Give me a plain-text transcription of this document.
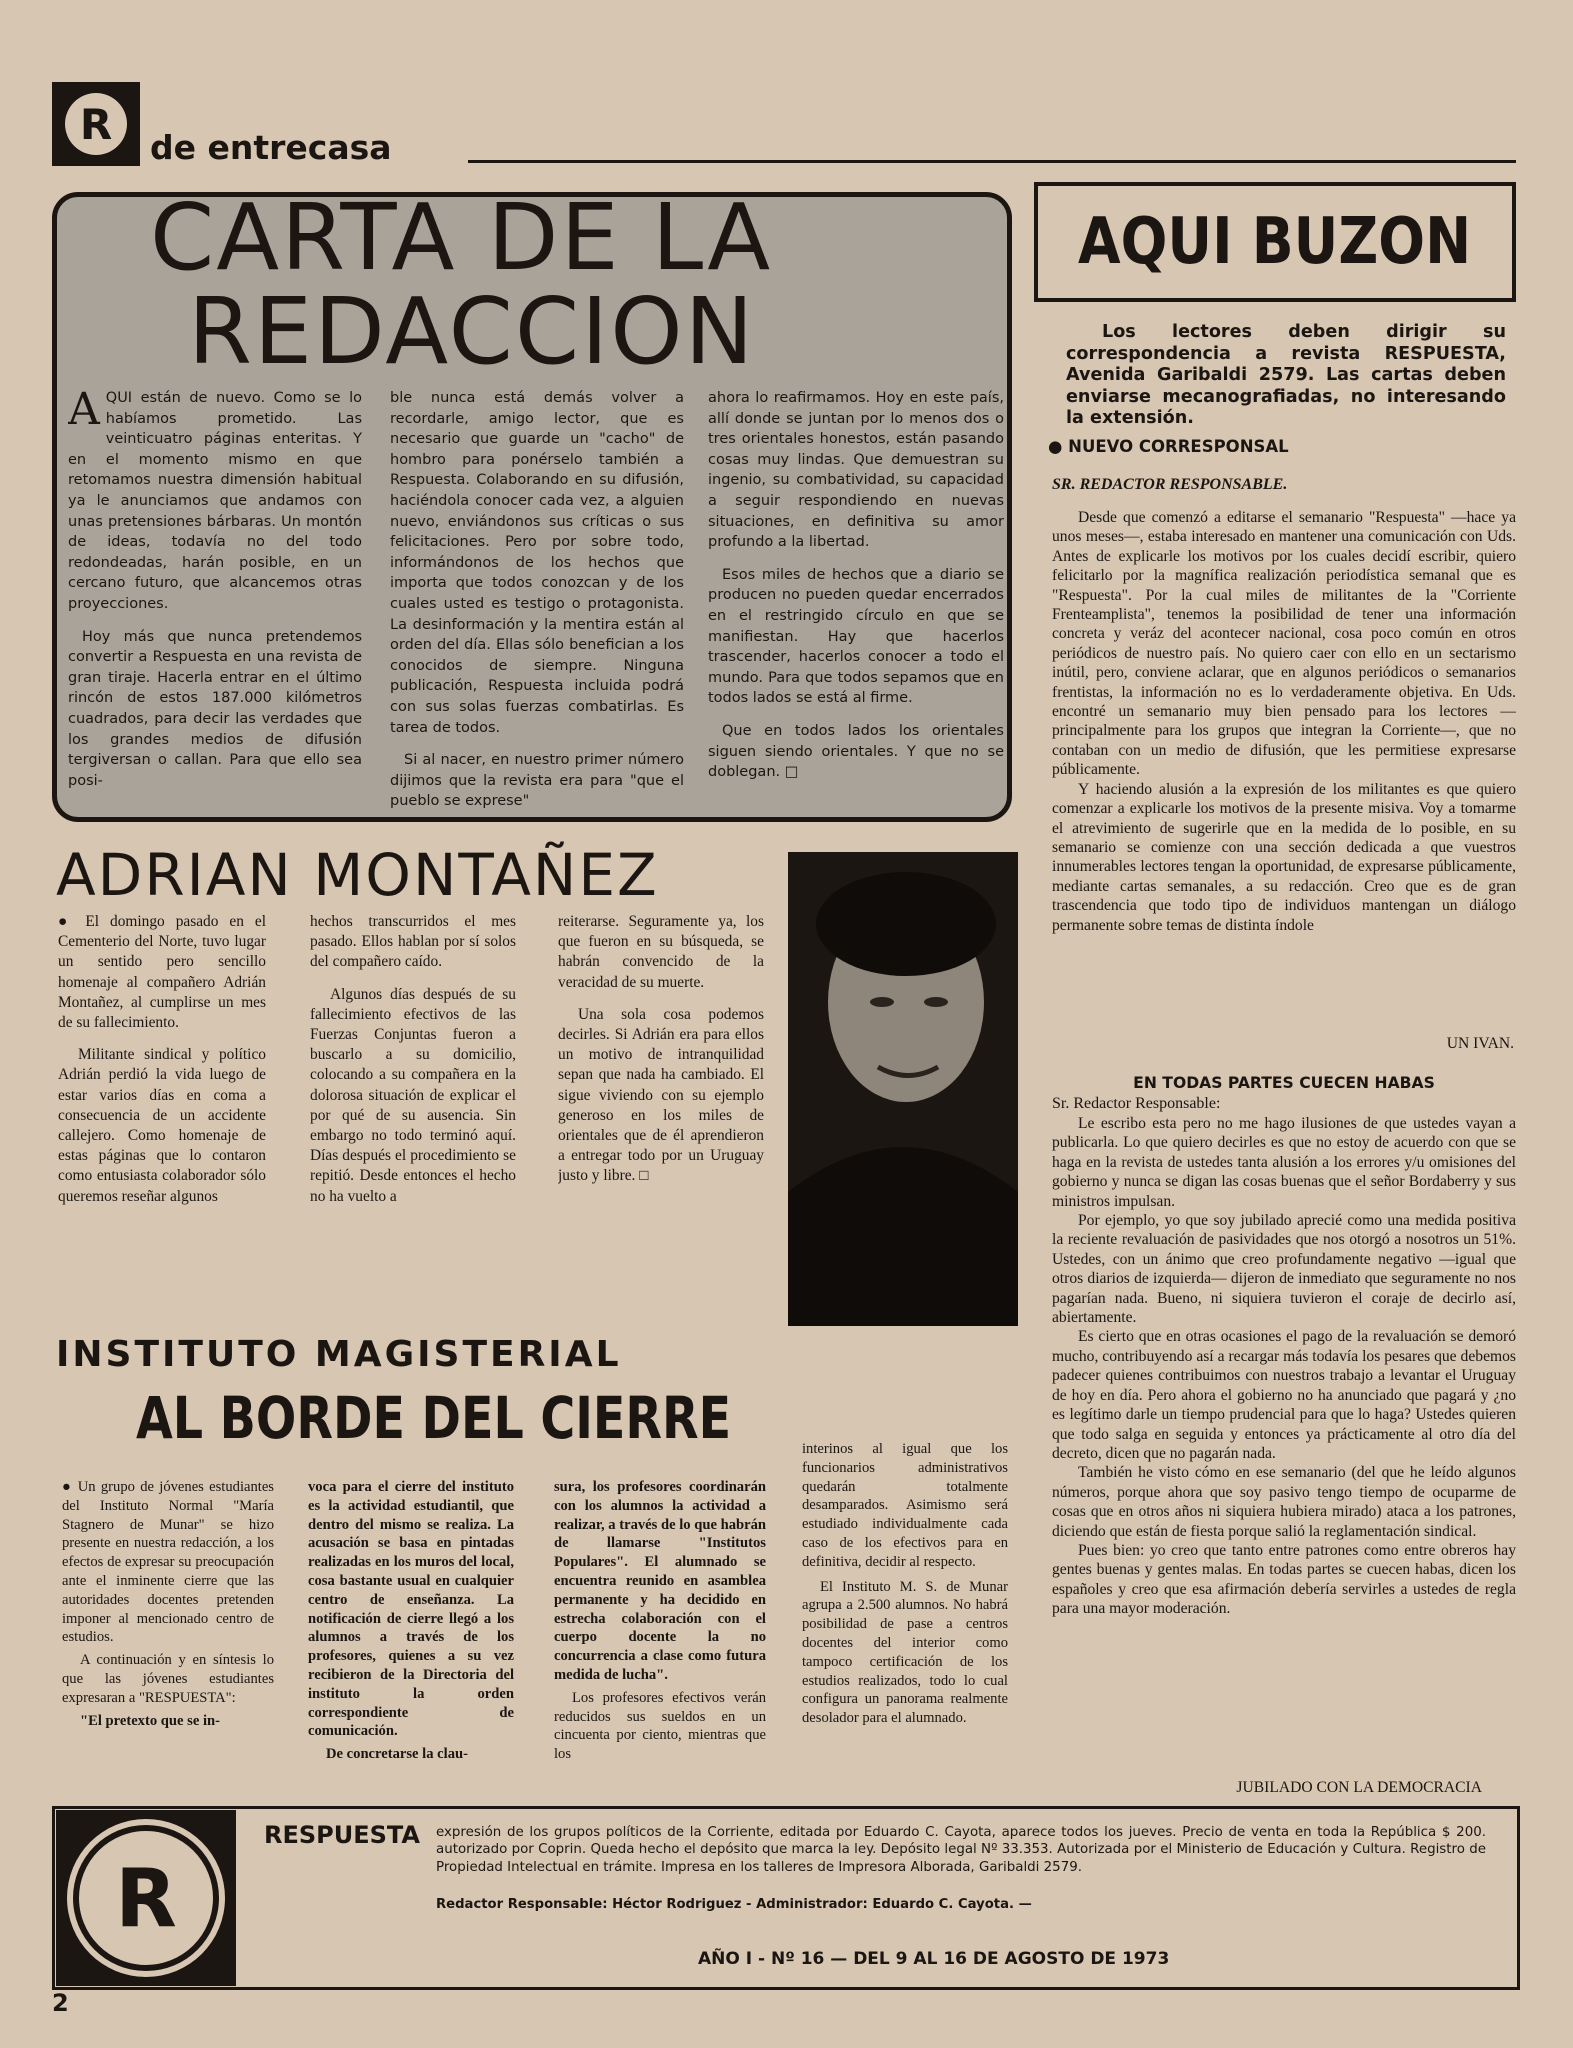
R	de entrecasa
CARTA DE LA
REDACCION

AQUI están de nuevo. Como se lo habíamos prometido. Las veinticuatro páginas enteritas. Y en el momento mismo en que retomamos nuestra dimensión habitual ya le anunciamos que andamos con unas pretensiones bárbaras. Un montón de ideas, todavía no del todo redondeadas, harán posible, en un cercano futuro, que alcancemos otras proyecciones.

Hoy más que nunca pretendemos convertir a Respuesta en una revista de gran tiraje. Hacerla entrar en el último rincón de estos 187.000 kilómetros cuadrados, para decir las verdades que los grandes medios de difusión tergiversan o callan. Para que ello sea posi-

ble nunca está demás volver a recordarle, amigo lector, que es necesario que guarde un "cacho" de hombro para ponérselo también a Respuesta. Colaborando en su difusión, haciéndola conocer cada vez, a alguien nuevo, enviándonos sus críticas o sus felicitaciones. Pero por sobre todo, informándonos de los hechos que importa que todos conozcan y de los cuales usted es testigo o protagonista. La desinformación y la mentira están al orden del día. Ellas sólo benefician a los conocidos de siempre. Ninguna publicación, Respuesta incluida podrá con sus solas fuerzas combatirlas. Es tarea de todos.

Si al nacer, en nuestro primer número dijimos que la revista era para "que el pueblo se exprese"

ahora lo reafirmamos. Hoy en este país, allí donde se juntan por lo menos dos o tres orientales honestos, están pasando cosas muy lindas. Que demuestran su ingenio, su combatividad, su capacidad a seguir respondiendo en nuevas situaciones, en definitiva su amor profundo a la libertad.

Esos miles de hechos que a diario se producen no pueden quedar encerrados en el restringido círculo en que se manifiestan. Hay que hacerlos trascender, hacerlos conocer a todo el mundo. Para que todos sepamos que en todos lados se está al firme.

Que en todos lados los orientales siguen siendo orientales. Y que no se doblegan. □

ADRIAN MONTAÑEZ

● El domingo pasado en el Cementerio del Norte, tuvo lugar un sentido pero sencillo homenaje al compañero Adrián Montañez, al cumplirse un mes de su fallecimiento.

Militante sindical y político Adrián perdió la vida luego de estar varios días en coma a consecuencia de un accidente callejero. Como homenaje de estas páginas que lo contaron como entusiasta colaborador sólo queremos reseñar algunos

hechos transcurridos el mes pasado. Ellos hablan por sí solos del compañero caído.

Algunos días después de su fallecimiento efectivos de las Fuerzas Conjuntas fueron a buscarlo a su domicilio, colocando a su compañera en la dolorosa situación de explicar el por qué de su ausencia. Sin embargo no todo terminó aquí. Días después el procedimiento se repitió. Desde entonces el hecho no ha vuelto a

reiterarse. Seguramente ya, los que fueron en su búsqueda, se habrán convencido de la veracidad de su muerte.

Una sola cosa podemos decirles. Si Adrián era para ellos un motivo de intranquilidad sepan que nada ha cambiado. El sigue viviendo con su ejemplo generoso en los miles de orientales que de él aprendieron a entregar todo por un Uruguay justo y libre. □

INSTITUTO MAGISTERIAL
AL BORDE DEL CIERRE

● Un grupo de jóvenes estudiantes del Instituto Normal "María Stagnero de Munar" se hizo presente en nuestra redacción, a los efectos de expresar su preocupación ante el inminente cierre que las autoridades docentes pretenden imponer al mencionado centro de estudios.

A continuación y en síntesis lo que las jóvenes estudiantes expresaran a "RESPUESTA":

"El pretexto que se in-

voca para el cierre del instituto es la actividad estudiantil, que dentro del mismo se realiza. La acusación se basa en pintadas realizadas en los muros del local, cosa bastante usual en cualquier centro de enseñanza. La notificación de cierre llegó a los alumnos a través de los profesores, quienes a su vez recibieron de la Directoria del instituto la orden correspondiente de comunicación.

De concretarse la clau-

sura, los profesores coordinarán con los alumnos la actividad a realizar, a través de lo que habrán de llamarse "Institutos Populares". El alumnado se encuentra reunido en asamblea permanente y ha decidido en estrecha colaboración con el cuerpo docente la no concurrencia a clase como futura medida de lucha".

Los profesores efectivos verán reducidos sus sueldos en un cincuenta por ciento, mientras que los

interinos al igual que los funcionarios administrativos quedarán totalmente desamparados. Asimismo será estudiado individualmente cada caso de los efectivos para en definitiva, decidir al respecto.

El Instituto M. S. de Munar agrupa a 2.500 alumnos. No habrá posibilidad de pase a centros docentes del interior como tampoco certificación de los estudios realizados, todo lo cual configura un panorama realmente desolador para el alumnado.

AQUI BUZON
Los lectores deben dirigir su correspondencia a revista RESPUESTA, Avenida Garibaldi 2579. Las cartas deben enviarse mecanografiadas, no interesando la extensión.
● NUEVO CORRESPONSAL
SR. REDACTOR RESPONSABLE.

Desde que comenzó a editarse el semanario "Respuesta" —hace ya unos meses—, estaba interesado en mantener una comunicación con Uds. Antes de explicarle los motivos por los cuales decidí escribir, quiero felicitarlo por la magnífica realización periodística semanal que es "Respuesta". Por la cual miles de militantes de la "Corriente Frenteamplista", tenemos la posibilidad de tener una información concreta y veráz del acontecer nacional, cosa poco común en otros periódicos de nuestro país. No quiero caer con ello en un sectarismo inútil, pero, conviene aclarar, que en algunos periódicos o semanarios frentistas, la información no es lo verdaderamente objetiva. En Uds. encontré un semanario muy bien pensado para los lectores —principalmente para los grupos que integran la Corriente—, que no contaban con un medio de difusión, que les permitiese expresarse públicamente.

Y haciendo alusión a la expresión de los militantes es que quiero comenzar a explicarle los motivos de la presente misiva. Voy a tomarme el atrevimiento de sugerirle que en la medida de lo posible, en su semanario se comienze con una sección dedicada a que vuestros innumerables lectores tengan la oportunidad, de expresarse públicamente, mediante cartas semanales, a su redacción. Creo que es de gran trascendencia que todo tipo de individuos mantengan un diálogo permanente sobre temas de distinta índole

UN IVAN.
EN TODAS PARTES CUECEN HABAS
Sr. Redactor Responsable:

Le escribo esta pero no me hago ilusiones de que ustedes vayan a publicarla. Lo que quiero decirles es que no estoy de acuerdo con que se haga en la revista de ustedes tanta alusión a los errores y/u omisiones del gobierno y nunca se digan las cosas buenas que el señor Bordaberry y sus ministros impulsan.

Por ejemplo, yo que soy jubilado aprecié como una medida positiva la reciente revaluación de pasividades que nos otorgó a nosotros un 51%. Ustedes, con un ánimo que creo profundamente negativo —igual que otros diarios de izquierda— dijeron de inmediato que seguramente no nos pagarían nada. Bueno, ni siquiera tuvieron el coraje de decirlo así, abiertamente.

Es cierto que en otras ocasiones el pago de la revaluación se demoró mucho, contribuyendo así a recargar más todavía los pesares que debemos padecer quienes contribuimos con nuestros trabajo a levantar el Uruguay de hoy en día. Pero ahora el gobierno no ha anunciado que pagará y ¿no es legítimo darle un tiempo prudencial para que lo haga? Ustedes quieren que todo salga en seguida y entonces ya prácticamente al otro día del decreto, dicen que no pagarán nada.

También he visto cómo en ese semanario (del que he leído algunos números, porque ahora que soy pasivo tengo tiempo de ocuparme de cosas que en otros años ni siquiera hubiera mirado) ataca a los patrones, diciendo que están de fiesta porque salió la reglamentación sindical.

Pues bien: yo creo que tanto entre patrones como entre obreros hay gentes buenas y gentes malas. En todas partes se cuecen habas, dicen los españoles y creo que esa afirmación debería servirles a ustedes de regla para una mayor moderación.

JUBILADO CON LA DEMOCRACIA
R
RESPUESTA expresión de los grupos políticos de la Corriente, editada por Eduardo C. Cayota, aparece todos los jueves. Precio de venta en toda la República $ 200. autorizado por Coprin. Queda hecho el depósito que marca la ley. Depósito legal Nº 33.353. Autorizada por el Ministerio de Educación y Cultura. Registro de Propiedad Intelectual en trámite. Impresa en los talleres de Impresora Alborada, Garibaldi 2579.
Redactor Responsable: Héctor Rodriguez - Administrador: Eduardo C. Cayota. —
AÑO I - Nº 16 — DEL 9 AL 16 DE AGOSTO DE 1973
2
